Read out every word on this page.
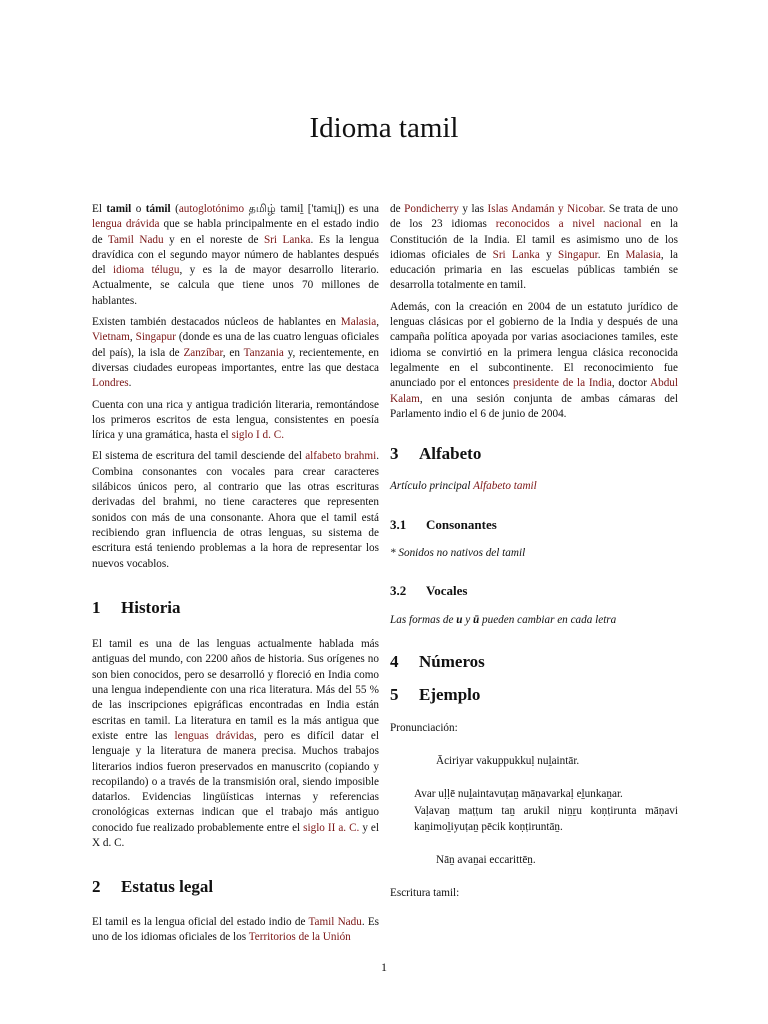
Idioma tamil

El tamil o támil (autoglotónimo தமிழ் tamiḻ ['tamiɻ]) es una lengua drávida que se habla principalmente en el estado indio de Tamil Nadu y en el noreste de Sri Lanka. Es la lengua dravídica con el segundo mayor número de hablantes después del idioma télugu, y es la de mayor desarrollo literario. Actualmente, se calcula que tiene unos 70 millones de hablantes.

Existen también destacados núcleos de hablantes en Malasia, Vietnam, Singapur (donde es una de las cuatro lenguas oficiales del país), la isla de Zanzíbar, en Tanzania y, recientemente, en diversas ciudades europeas importantes, entre las que destaca Londres.

Cuenta con una rica y antigua tradición literaria, remontándose los primeros escritos de esta lengua, consistentes en poesía lírica y una gramática, hasta el siglo I d. C.

El sistema de escritura del tamil desciende del alfabeto brahmi. Combina consonantes con vocales para crear caracteres silábicos únicos pero, al contrario que las otras escrituras derivadas del brahmi, no tiene caracteres que representen sonidos con más de una consonante. Ahora que el tamil está recibiendo gran influencia de otras lenguas, su sistema de escritura está teniendo problemas a la hora de representar los nuevos vocablos.

1	Historia

El tamil es una de las lenguas actualmente hablada más antiguas del mundo, con 2200 años de historia. Sus orígenes no son bien conocidos, pero se desarrolló y floreció en India como una lengua independiente con una rica literatura. Más del 55 % de las inscripciones epigráficas encontradas en India están escritas en tamil. La literatura en tamil es la más antigua que existe entre las lenguas drávidas, pero es difícil datar el lenguaje y la literatura de manera precisa. Muchos trabajos literarios indios fueron preservados en manuscrito (copiando y recopilando) o a través de la transmisión oral, siendo imposible datarlos. Evidencias lingüísticas internas y referencias cronológicas externas indican que el trabajo más antiguo conocido fue realizado probablemente entre el siglo II a. C. y el X d. C.

2	Estatus legal

El tamil es la lengua oficial del estado indio de Tamil Nadu. Es uno de los idiomas oficiales de los Territorios de la Unión

de Pondicherry y las Islas Andamán y Nicobar. Se trata de uno de los 23 idiomas reconocidos a nivel nacional en la Constitución de la India. El tamil es asimismo uno de los idiomas oficiales de Sri Lanka y Singapur. En Malasia, la educación primaria en las escuelas públicas también se desarrolla totalmente en tamil.

Además, con la creación en 2004 de un estatuto jurídico de lenguas clásicas por el gobierno de la India y después de una campaña política apoyada por varias asociaciones tamiles, este idioma se convirtió en la primera lengua clásica reconocida legalmente en el subcontinente. El reconocimiento fue anunciado por el entonces presidente de la India, doctor Abdul Kalam, en una sesión conjunta de ambas cámaras del Parlamento indio el 6 de junio de 2004.

3	Alfabeto

Artículo principal Alfabeto tamil

3.1	Consonantes

* Sonidos no nativos del tamil

3.2	Vocales

Las formas de u y ū pueden cambiar en cada letra

4	Números
5	Ejemplo

Pronunciación:

Āciriyar vakuppukkuḷ nuḻaintār.

Avar uḷḷē nuḻaintavuṭaṉ māṇavarkaḷ eḻunkaṉar.

Vaḷavaṉ maṭṭum taṉ arukil niṉṟu koṇṭirunta māṇavi kaṉimoḻiyuṭaṉ pēcik koṇṭiruntāṉ.

Nāṉ avaṉai eccarittēṉ.

Escritura tamil:

1
